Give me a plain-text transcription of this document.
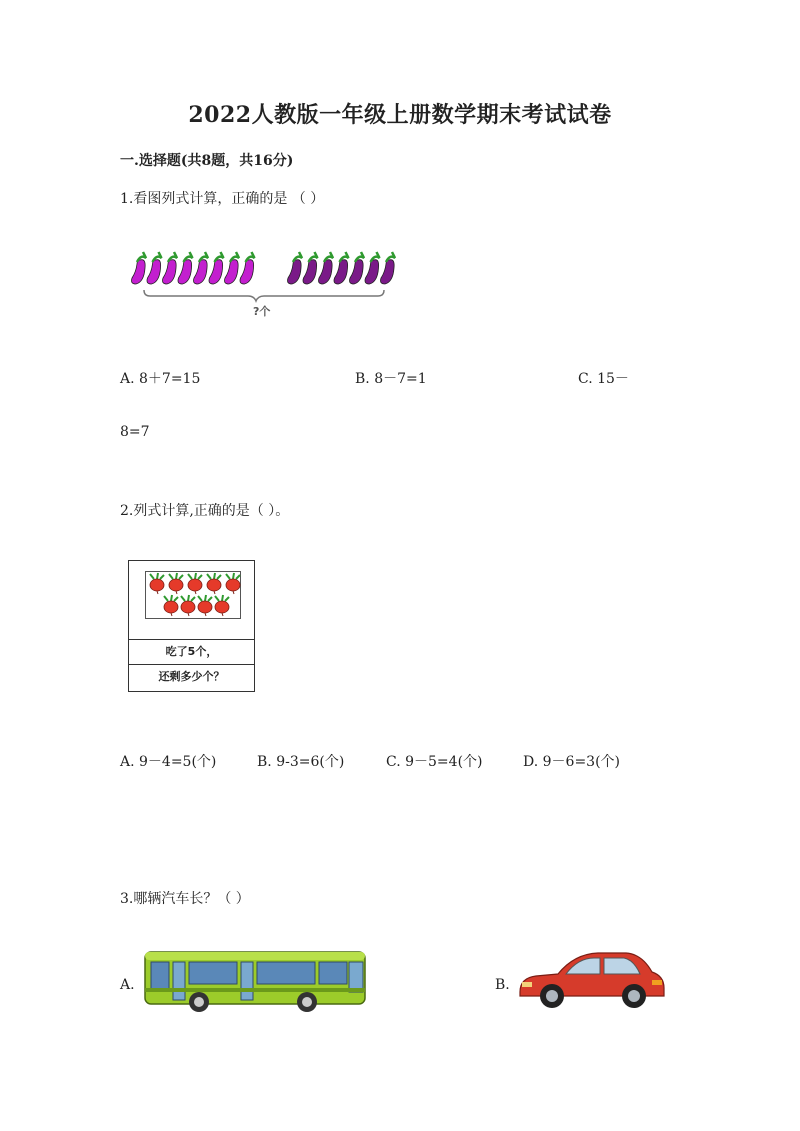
2022人教版一年级上册数学期末考试试卷
一.选择题(共8题，共16分)
1.看图列式计算，正确的是 （ ）
?个
A. 8＋7=15	B. 8－7=1	C. 15－
8=7
2.列式计算,正确的是（ ）。
吃了5个，
还剩多少个？
A. 9－4=5(个)	B. 9-3=6(个)	C. 9－5=4(个)	D. 9－6=3(个)
3.哪辆汽车长？（ ）
A.	B.
